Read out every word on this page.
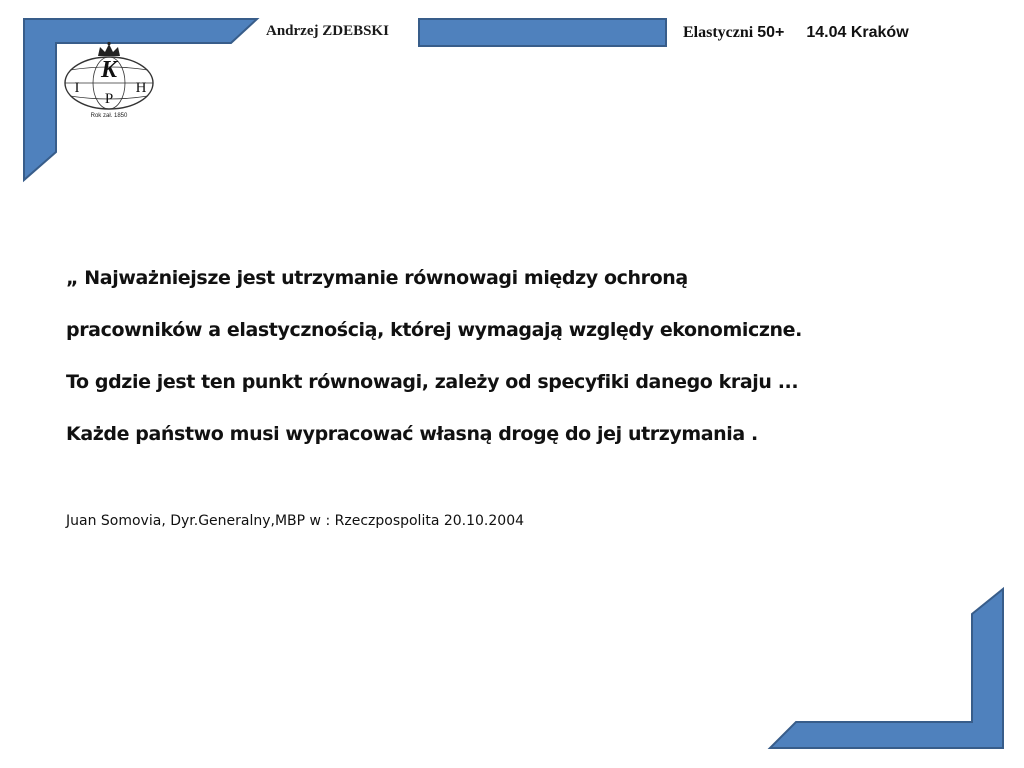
Andrzej ZDEBSKI	Elastyczni 50+ 14.04 Kraków
K
I
P
H
Rok zał. 1850

„ Najważniejsze jest utrzymanie równowagi między ochroną

pracowników a elastycznością, której wymagają względy ekonomiczne.

To gdzie jest ten punkt równowagi, zależy od specyfiki danego kraju ...

Każde państwo musi wypracować własną drogę do jej utrzymania .

Juan Somovia, Dyr.Generalny,MBP w : Rzeczpospolita 20.10.2004
